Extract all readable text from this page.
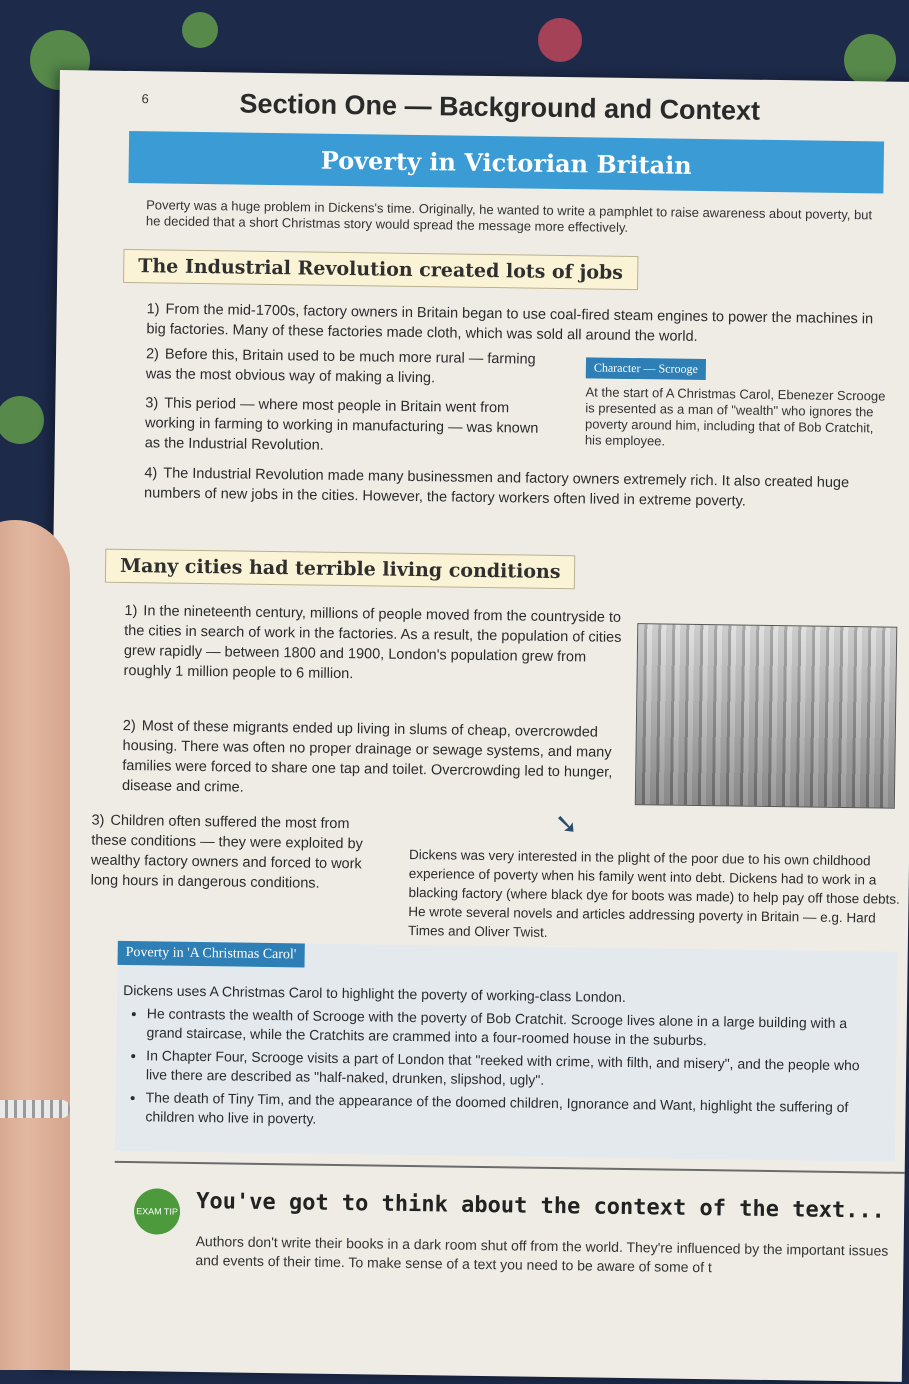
6	Section One — Background and Context
Poverty in Victorian Britain
Poverty was a huge problem in Dickens's time. Originally, he wanted to write a pamphlet to raise awareness about poverty, but he decided that a short Christmas story would spread the message more effectively.
The Industrial Revolution created lots of jobs
1) From the mid-1700s, factory owners in Britain began to use coal-fired steam engines to power the machines in big factories. Many of these factories made cloth, which was sold all around the world.
2) Before this, Britain used to be much more rural — farming was the most obvious way of making a living.
3) This period — where most people in Britain went from working in farming to working in manufacturing — was known as the Industrial Revolution.
Character — Scrooge
At the start of A Christmas Carol, Ebenezer Scrooge is presented as a man of "wealth" who ignores the poverty around him, including that of Bob Cratchit, his employee.
4) The Industrial Revolution made many businessmen and factory owners extremely rich. It also created huge numbers of new jobs in the cities. However, the factory workers often lived in extreme poverty.
Many cities had terrible living conditions
1) In the nineteenth century, millions of people moved from the countryside to the cities in search of work in the factories. As a result, the population of cities grew rapidly — between 1800 and 1900, London's population grew from roughly 1 million people to 6 million.
2) Most of these migrants ended up living in slums of cheap, overcrowded housing. There was often no proper drainage or sewage systems, and many families were forced to share one tap and toilet. Overcrowding led to hunger, disease and crime.
➘
3) Children often suffered the most from these conditions — they were exploited by wealthy factory owners and forced to work long hours in dangerous conditions.
Dickens was very interested in the plight of the poor due to his own childhood experience of poverty when his family went into debt. Dickens had to work in a blacking factory (where black dye for boots was made) to help pay off those debts. He wrote several novels and articles addressing poverty in Britain — e.g. Hard Times and Oliver Twist.
Poverty in 'A Christmas Carol'
Dickens uses A Christmas Carol to highlight the poverty of working-class London.
• He contrasts the wealth of Scrooge with the poverty of Bob Cratchit. Scrooge lives alone in a large building with a grand staircase, while the Cratchits are crammed into a four-roomed house in the suburbs.
• In Chapter Four, Scrooge visits a part of London that "reeked with crime, with filth, and misery", and the people who live there are described as "half-naked, drunken, slipshod, ugly".
• The death of Tiny Tim, and the appearance of the doomed children, Ignorance and Want, highlight the suffering of children who live in poverty.
EXAM TIP You've got to think about the context of the text...
Authors don't write their books in a dark room shut off from the world. They're influenced by the important issues and events of their time. To make sense of a text you need to be aware of some of t
